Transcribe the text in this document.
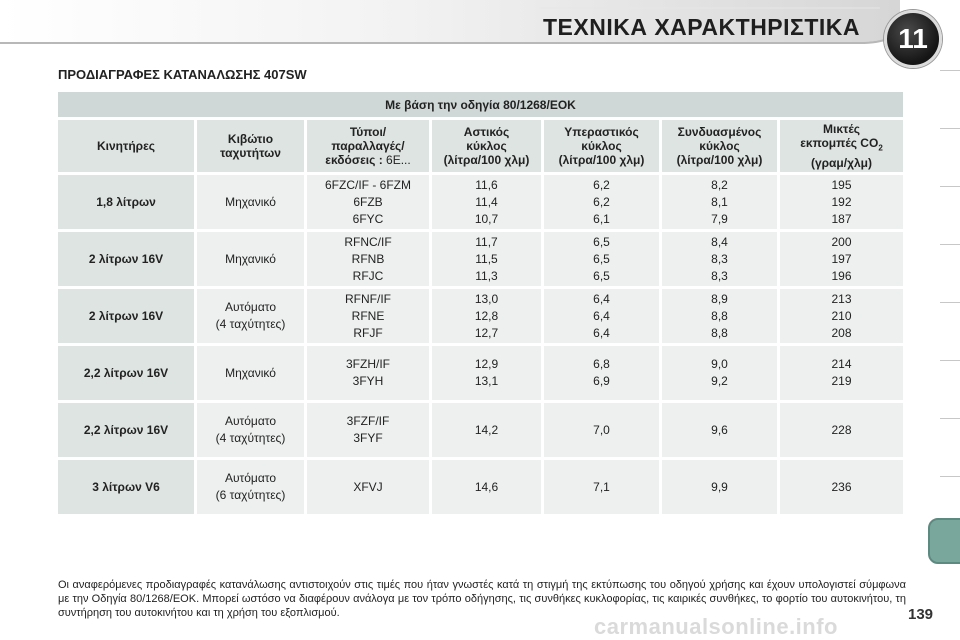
ΤΕΧΝΙΚΑ ΧΑΡΑΚΤΗΡΙΣΤΙΚΑ	11
ΠΡΟΔΙΑΓΡΑΦΕΣ ΚΑΤΑΝΑΛΩΣΗΣ 407SW
Με βάση την οδηγία 80/1268/ΕΟΚ						
Κινητήρες	Κιβώτιο
ταχυτήτων	Τύποι/
παραλλαγές/
εκδόσεις : 6E...	Αστικός
κύκλος
(λίτρα/100 χλμ)	Υπεραστικός
κύκλος
(λίτρα/100 χλμ)	Συνδυασμένος
κύκλος
(λίτρα/100 χλμ)	Μικτές
εκπομπές $CO_2$
(γραμ/χλμ)

1,8 λίτρων	Μηχανικό	6FZC/IF - 6FZM
6FZB
6FYC	11,6
11,4
10,7	6,2
6,2
6,1	8,2
8,1
7,9	195
192
187

2 λίτρων 16V	Μηχανικό	RFNC/IF
RFNB
RFJC	11,7
11,5
11,3	6,5
6,5
6,5	8,4
8,3
8,3	200
197
196

2 λίτρων 16V	Αυτόματο
(4 ταχύτητες)	RFNF/IF
RFNE
RFJF	13,0
12,8
12,7	6,4
6,4
6,4	8,9
8,8
8,8	213
210
208

2,2 λίτρων 16V	Μηχανικό	3FZH/IF
3FYH	12,9
13,1	6,8
6,9	9,0
9,2	214
219

2,2 λίτρων 16V	Αυτόματο
(4 ταχύτητες)	3FZF/IF
3FYF	14,2	7,0	9,6	228

3 λίτρων V6	Αυτόματο
(6 ταχύτητες)	XFVJ	14,6	7,1	9,9	236
Οι αναφερόμενες προδιαγραφές κατανάλωσης αντιστοιχούν στις τιμές που ήταν γνωστές κατά τη στιγμή της εκτύπωσης του οδηγού χρήσης και έχουν υπολογιστεί σύμφωνα με την Οδηγία 80/1268/ΕΟΚ. Μπορεί ωστόσο να διαφέρουν ανάλογα με τον τρόπο οδήγησης, τις συνθήκες κυκλοφορίας, τις καιρικές συνθήκες, το φορτίο του αυτοκινήτου, τη συντήρηση του αυτοκινήτου και τη χρήση του εξοπλισμού.	139
carmanualsonline.info
